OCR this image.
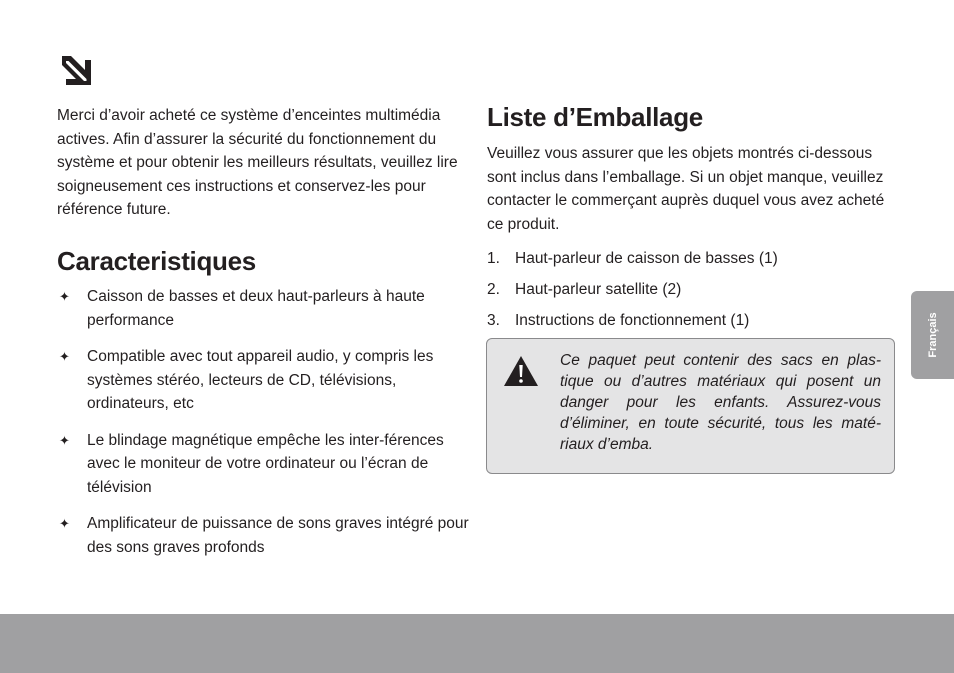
Merci d’avoir acheté ce système d’enceintes multimédia actives. Afin d’assurer la sécurité du fonctionnement du système et pour obtenir les meilleurs résultats, veuillez lire soigneusement ces instructions et conservez-les pour référence future.

Caracteristiques
✦ Caisson de basses et deux haut-parleurs à haute performance
✦ Compatible avec tout appareil audio, y compris les systèmes stéréo, lecteurs de CD, télévisions, ordinateurs, etc
✦ Le blindage magnétique empêche les inter-férences avec le moniteur de votre ordinateur ou l’écran de télévision
✦ Amplificateur de puissance de sons graves intégré pour des sons graves profonds
Liste d’Emballage

Veuillez vous assurer que les objets montrés ci-dessous sont inclus dans l’emballage. Si un objet manque, veuillez contacter le commerçant auprès duquel vous avez acheté ce produit.

1. Haut-parleur de caisson de basses (1)
2. Haut-parleur satellite (2)
3. Instructions de fonctionnement (1)

Ce paquet peut contenir des sacs en plas-tique ou d’autres matériaux qui posent un danger pour les enfants. Assurez-vous d’éliminer, en toute sécurité, tous les maté-riaux d’emba.

Français
